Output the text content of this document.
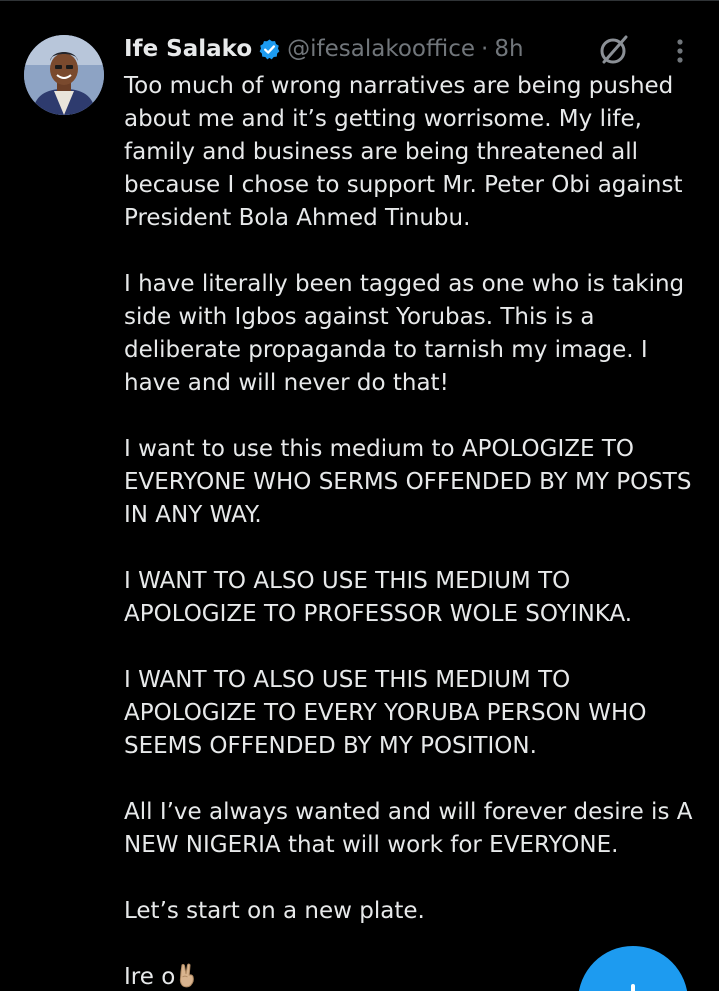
Ife Salako @ifesalakooffice · 8h

Too much of wrong narratives are being pushed about me and it’s getting worrisome. My life, family and business are being threatened all because I chose to support Mr. Peter Obi against President Bola Ahmed Tinubu.

I have literally been tagged as one who is taking side with Igbos against Yorubas. This is a deliberate propaganda to tarnish my image. I have and will never do that!

I want to use this medium to APOLOGIZE TO EVERYONE WHO SERMS OFFENDED BY MY POSTS IN ANY WAY.

I WANT TO ALSO USE THIS MEDIUM TO APOLOGIZE TO PROFESSOR WOLE SOYINKA.

I WANT TO ALSO USE THIS MEDIUM TO APOLOGIZE TO EVERY YORUBA PERSON WHO SEEMS OFFENDED BY MY POSITION.

All I’ve always wanted and will forever desire is A NEW NIGERIA that will work for EVERYONE.

Let’s start on a new plate.

Ire o
